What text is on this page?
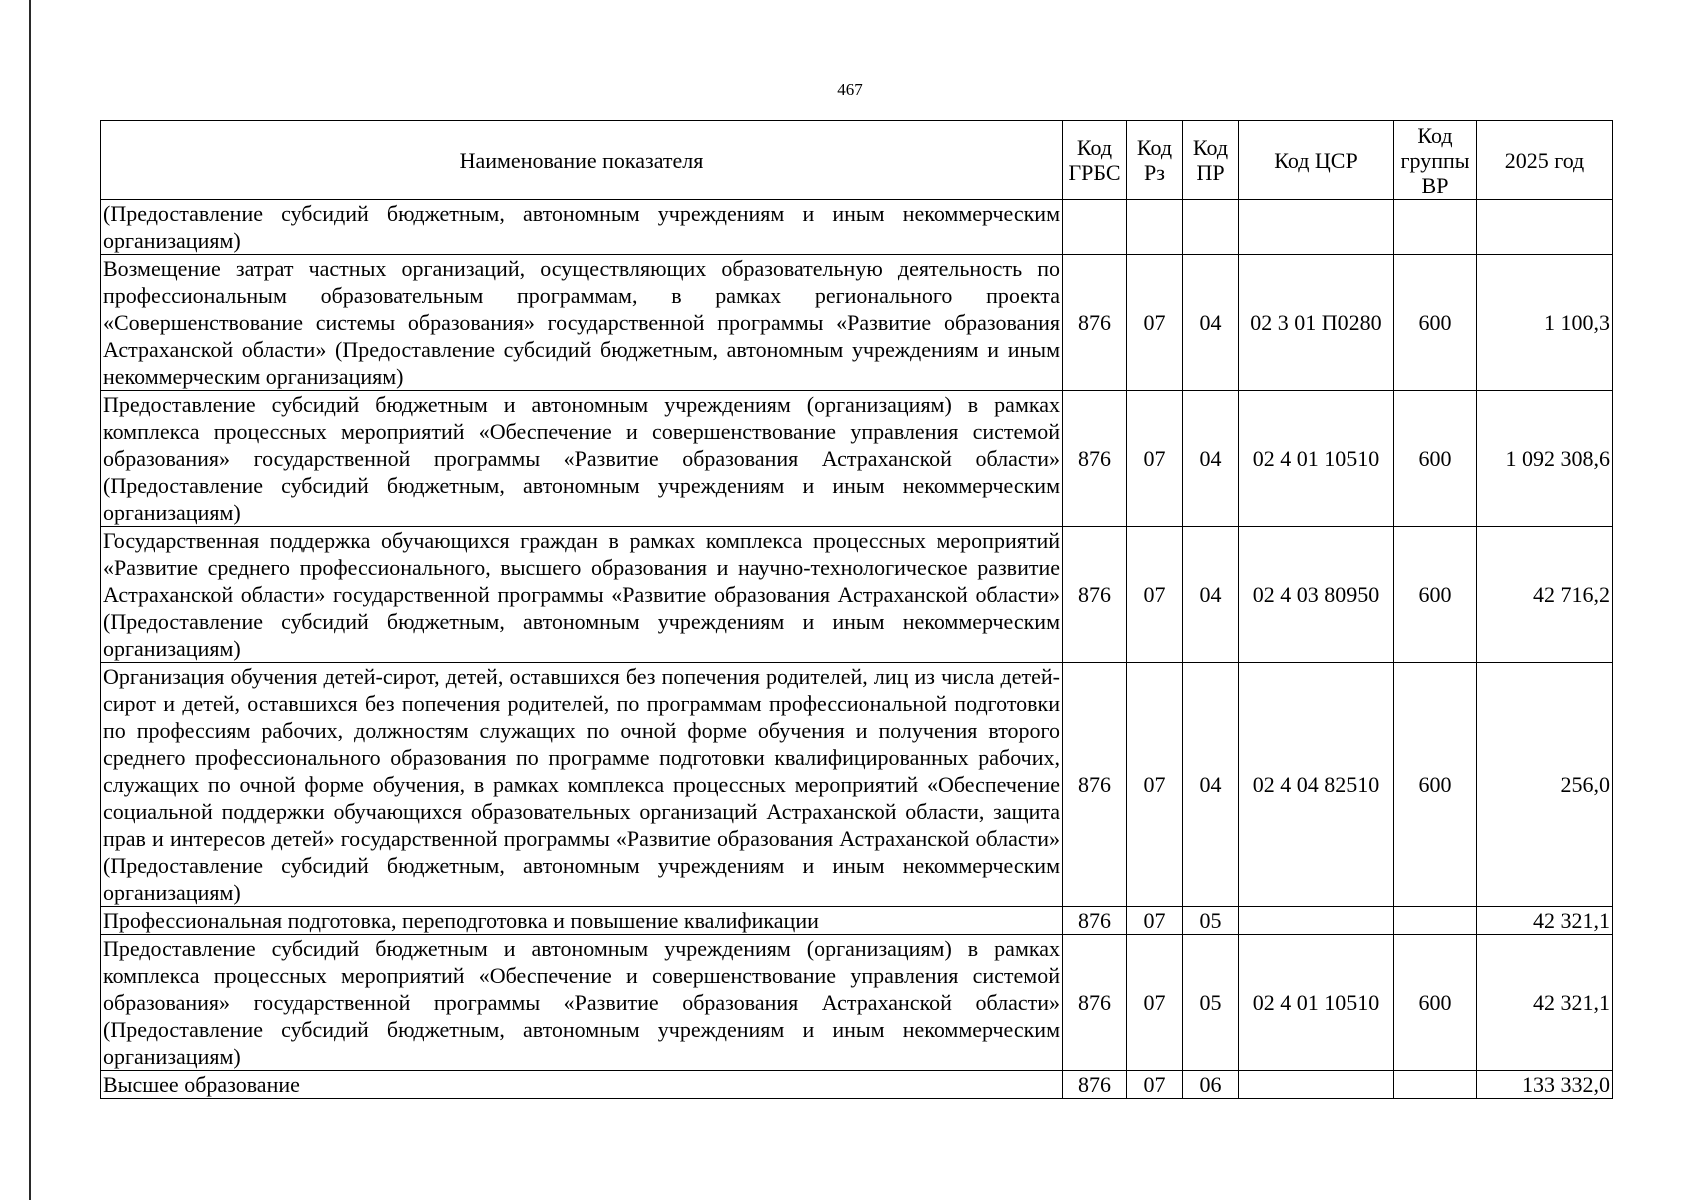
467
Наименование показателя	Код ГРБС	Код Рз	Код ПР	Код ЦСР	Код группы ВР	2025 год
(Предоставление субсидий бюджетным, автономным учреждениям и иным некоммерческим организациям)						
Возмещение затрат частных организаций, осуществляющих образовательную деятельность по профессиональным образовательным программам, в рамках регионального проекта «Совершенствование системы образования» государственной программы «Развитие образования Астраханской области» (Предоставление субсидий бюджетным, автономным учреждениям и иным некоммерческим организациям)	876	07	04	02 3 01 П0280	600	1 100,3
Предоставление субсидий бюджетным и автономным учреждениям (организациям) в рамках комплекса процессных мероприятий «Обеспечение и совершенствование управления системой образования» государственной программы «Развитие образования Астраханской области» (Предоставление субсидий бюджетным, автономным учреждениям и иным некоммерческим организациям)	876	07	04	02 4 01 10510	600	1 092 308,6
Государственная поддержка обучающихся граждан в рамках комплекса процессных мероприятий «Развитие среднего профессионального, высшего образования и научно-технологическое развитие Астраханской области» государственной программы «Развитие образования Астраханской области» (Предоставление субсидий бюджетным, автономным учреждениям и иным некоммерческим организациям)	876	07	04	02 4 03 80950	600	42 716,2
Организация обучения детей-сирот, детей, оставшихся без попечения родителей, лиц из числа детей-сирот и детей, оставшихся без попечения родителей, по программам профессиональной подготовки по профессиям рабочих, должностям служащих по очной форме обучения и получения второго среднего профессионального образования по программе подготовки квалифицированных рабочих, служащих по очной форме обучения, в рамках комплекса процессных мероприятий «Обеспечение социальной поддержки обучающихся образовательных организаций Астраханской области, защита прав и интересов детей» государственной программы «Развитие образования Астраханской области» (Предоставление субсидий бюджетным, автономным учреждениям и иным некоммерческим организациям)	876	07	04	02 4 04 82510	600	256,0
Профессиональная подготовка, переподготовка и повышение квалификации	876	07	05			42 321,1
Предоставление субсидий бюджетным и автономным учреждениям (организациям) в рамках комплекса процессных мероприятий «Обеспечение и совершенствование управления системой образования» государственной программы «Развитие образования Астраханской области» (Предоставление субсидий бюджетным, автономным учреждениям и иным некоммерческим организациям)	876	07	05	02 4 01 10510	600	42 321,1
Высшее образование	876	07	06			133 332,0
